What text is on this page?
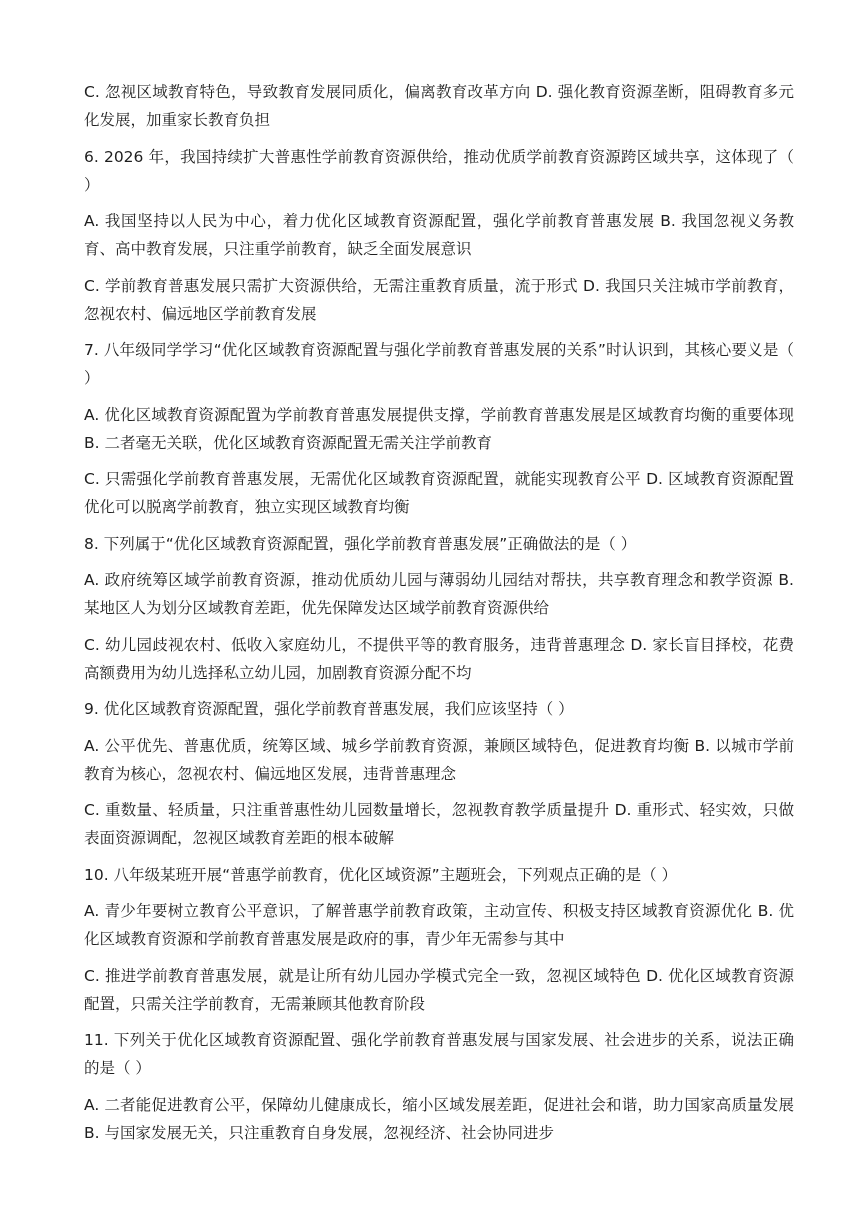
C. 忽视区域教育特色，导致教育发展同质化，偏离教育改革方向 D. 强化教育资源垄断，阻碍教育多元化发展，加重家长教育负担

6. 2026 年，我国持续扩大普惠性学前教育资源供给，推动优质学前教育资源跨区域共享，这体现了（ ）

A. 我国坚持以人民为中心，着力优化区域教育资源配置，强化学前教育普惠发展 B. 我国忽视义务教育、高中教育发展，只注重学前教育，缺乏全面发展意识

C. 学前教育普惠发展只需扩大资源供给，无需注重教育质量，流于形式 D. 我国只关注城市学前教育，忽视农村、偏远地区学前教育发展

7. 八年级同学学习“优化区域教育资源配置与强化学前教育普惠发展的关系”时认识到，其核心要义是（ ）

A. 优化区域教育资源配置为学前教育普惠发展提供支撑，学前教育普惠发展是区域教育均衡的重要体现 B. 二者毫无关联，优化区域教育资源配置无需关注学前教育

C. 只需强化学前教育普惠发展，无需优化区域教育资源配置，就能实现教育公平 D. 区域教育资源配置优化可以脱离学前教育，独立实现区域教育均衡

8. 下列属于“优化区域教育资源配置，强化学前教育普惠发展”正确做法的是（ ）

A. 政府统筹区域学前教育资源，推动优质幼儿园与薄弱幼儿园结对帮扶，共享教育理念和教学资源 B. 某地区人为划分区域教育差距，优先保障发达区域学前教育资源供给

C. 幼儿园歧视农村、低收入家庭幼儿，不提供平等的教育服务，违背普惠理念 D. 家长盲目择校，花费高额费用为幼儿选择私立幼儿园，加剧教育资源分配不均

9. 优化区域教育资源配置，强化学前教育普惠发展，我们应该坚持（ ）

A. 公平优先、普惠优质，统筹区域、城乡学前教育资源，兼顾区域特色，促进教育均衡 B. 以城市学前教育为核心，忽视农村、偏远地区发展，违背普惠理念

C. 重数量、轻质量，只注重普惠性幼儿园数量增长，忽视教育教学质量提升 D. 重形式、轻实效，只做表面资源调配，忽视区域教育差距的根本破解

10. 八年级某班开展“普惠学前教育，优化区域资源”主题班会，下列观点正确的是（ ）

A. 青少年要树立教育公平意识，了解普惠学前教育政策，主动宣传、积极支持区域教育资源优化 B. 优化区域教育资源和学前教育普惠发展是政府的事，青少年无需参与其中

C. 推进学前教育普惠发展，就是让所有幼儿园办学模式完全一致，忽视区域特色 D. 优化区域教育资源配置，只需关注学前教育，无需兼顾其他教育阶段

11. 下列关于优化区域教育资源配置、强化学前教育普惠发展与国家发展、社会进步的关系，说法正确的是（ ）

A. 二者能促进教育公平，保障幼儿健康成长，缩小区域发展差距，促进社会和谐，助力国家高质量发展 B. 与国家发展无关，只注重教育自身发展，忽视经济、社会协同进步
